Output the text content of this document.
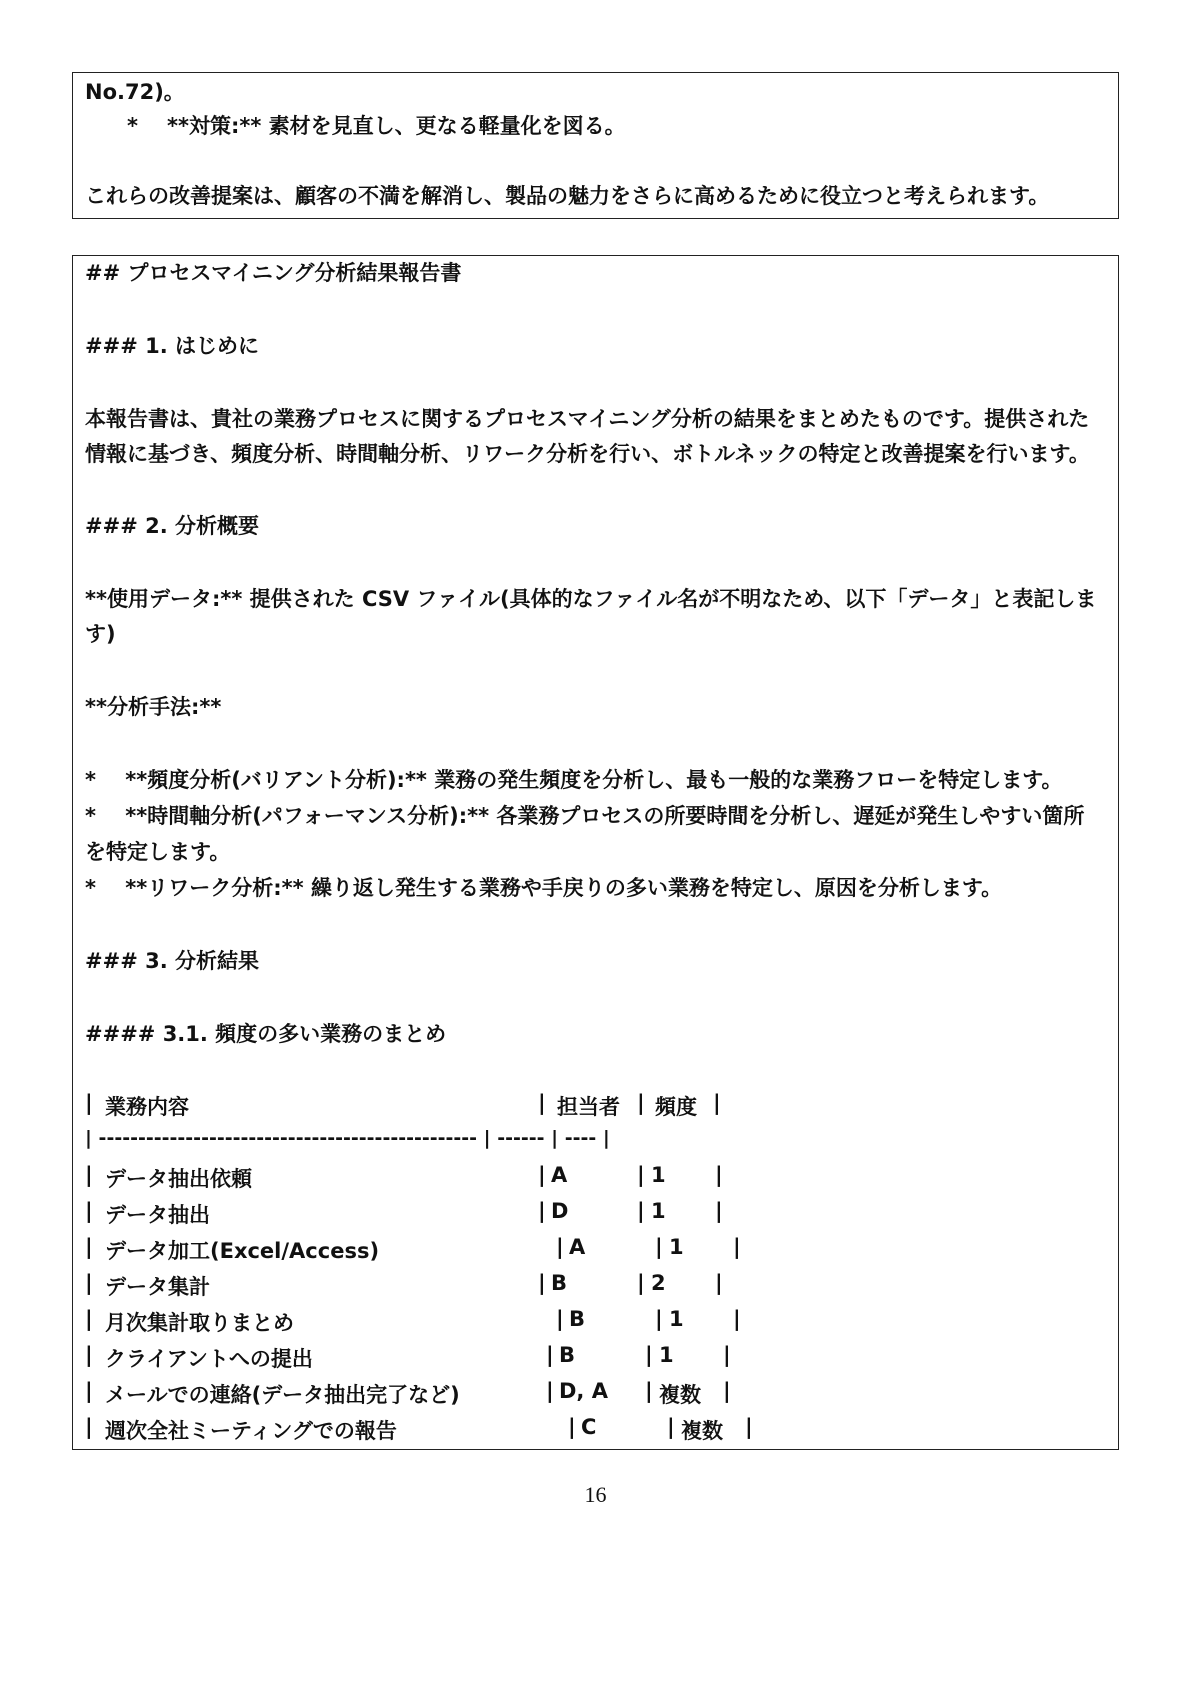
No.72)。
* **対策:** 素材を見直し、更なる軽量化を図る。
これらの改善提案は、顧客の不満を解消し、製品の魅力をさらに高めるために役立つと考えられます。
## プロセスマイニング分析結果報告書
### 1. はじめに
本報告書は、貴社の業務プロセスに関するプロセスマイニング分析の結果をまとめたものです。提供された
情報に基づき、頻度分析、時間軸分析、リワーク分析を行い、ボトルネックの特定と改善提案を行います。
### 2. 分析概要
**使用データ:** 提供された CSV ファイル(具体的なファイル名が不明なため、以下「データ」と表記しま
す)
**分析手法:**
*    **頻度分析(バリアント分析):** 業務の発生頻度を分析し、最も一般的な業務フローを特定します。
*    **時間軸分析(パフォーマンス分析):** 各業務プロセスの所要時間を分析し、遅延が発生しやすい箇所
を特定します。
*    **リワーク分析:** 繰り返し発生する業務や手戻りの多い業務を特定し、原因を分析します。
### 3. 分析結果
#### 3.1. 頻度の多い業務のまとめ
| 業務内容	| 担当者 | 頻度 |
| ------------------------------------------------ | ------ | ---- |
| データ抽出依頼	| A	| 1 |
| データ抽出	| D	| 1 |
| データ加工(Excel/Access)	| A	| 1 |
| データ集計	| B	| 2 |
| 月次集計取りまとめ	| B	| 1 |
| クライアントへの提出	| B	| 1 |
| メールでの連絡(データ抽出完了など)	| D, A | 複数 |
| 週次全社ミーティングでの報告	| C	| 複数 |
16
